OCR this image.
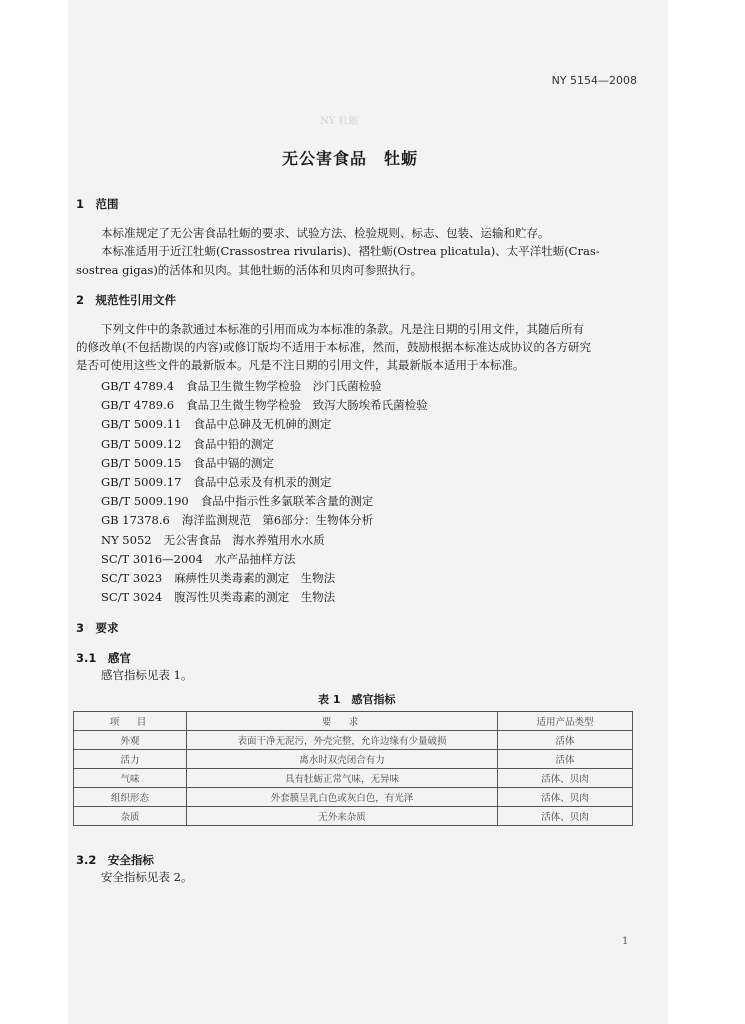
NY 5154—2008
NY 牡蛎
无公害食品　牡蛎
1　范围
本标准规定了无公害食品牡蛎的要求、试验方法、检验规则、标志、包装、运输和贮存。
本标准适用于近江牡蛎(Crassostrea rivularis)、褶牡蛎(Ostrea plicatula)、太平洋牡蛎(Cras-
sostrea gigas)的活体和贝肉。其他牡蛎的活体和贝肉可参照执行。
2　规范性引用文件
下列文件中的条款通过本标准的引用而成为本标准的条款。凡是注日期的引用文件，其随后所有
的修改单(不包括勘误的内容)或修订版均不适用于本标准，然而，鼓励根据本标准达成协议的各方研究
是否可使用这些文件的最新版本。凡是不注日期的引用文件，其最新版本适用于本标准。
GB/T 4789.4 食品卫生微生物学检验　沙门氏菌检验
GB/T 4789.6 食品卫生微生物学检验　致泻大肠埃希氏菌检验
GB/T 5009.11 食品中总砷及无机砷的测定
GB/T 5009.12 食品中铅的测定
GB/T 5009.15 食品中镉的测定
GB/T 5009.17 食品中总汞及有机汞的测定
GB/T 5009.190 食品中指示性多氯联苯含量的测定
GB 17378.6 海洋监测规范　第6部分：生物体分析
NY 5052 无公害食品　海水养殖用水水质
SC/T 3016—2004 水产品抽样方法
SC/T 3023 麻痹性贝类毒素的测定　生物法
SC/T 3024 腹泻性贝类毒素的测定　生物法
3　要求
3.1　感官
感官指标见表 1。
表 1　感官指标
项　目	要　求	适用产品类型
外观	表面干净无泥污，外壳完整，允许边缘有少量破损	活体
活力	离水时双壳闭合有力	活体
气味	具有牡蛎正常气味，无异味	活体、贝肉
组织形态	外套膜呈乳白色或灰白色，有光泽	活体、贝肉
杂质	无外来杂质	活体、贝肉
3.2　安全指标
安全指标见表 2。
1
